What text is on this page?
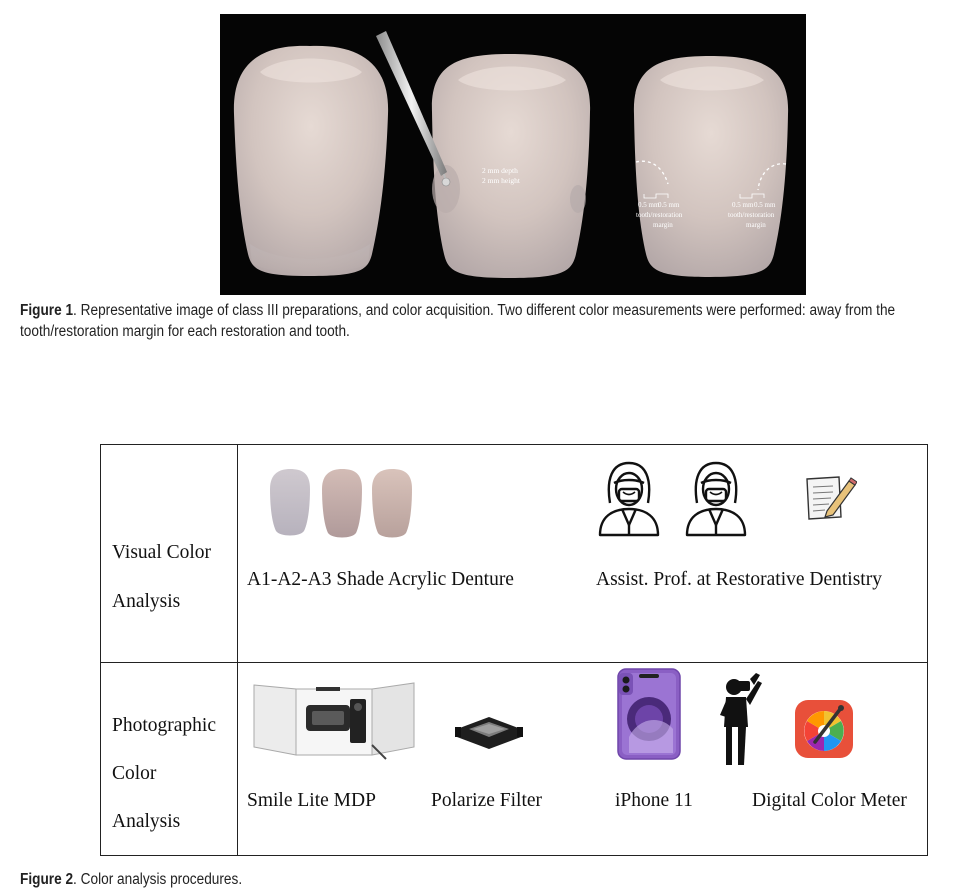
2 mm depth
2 mm height
0.5 mm
0.5 mm
tooth/restoration
margin
0.5 mm 0.5 mm
tooth/restoration
margin
Figure 1. Representative image of class III preparations, and color acquisition. Two different color measurements were performed: away from the tooth/restoration margin for each restoration and tooth.
Visual Color
Analysis
A1-A2-A3 Shade Acrylic Denture	Assist. Prof. at Restorative Dentistry
Photographic
Color
Analysis
Smile Lite MDP	Polarize Filter	iPhone 11	Digital Color Meter
Figure 2. Color analysis procedures.
